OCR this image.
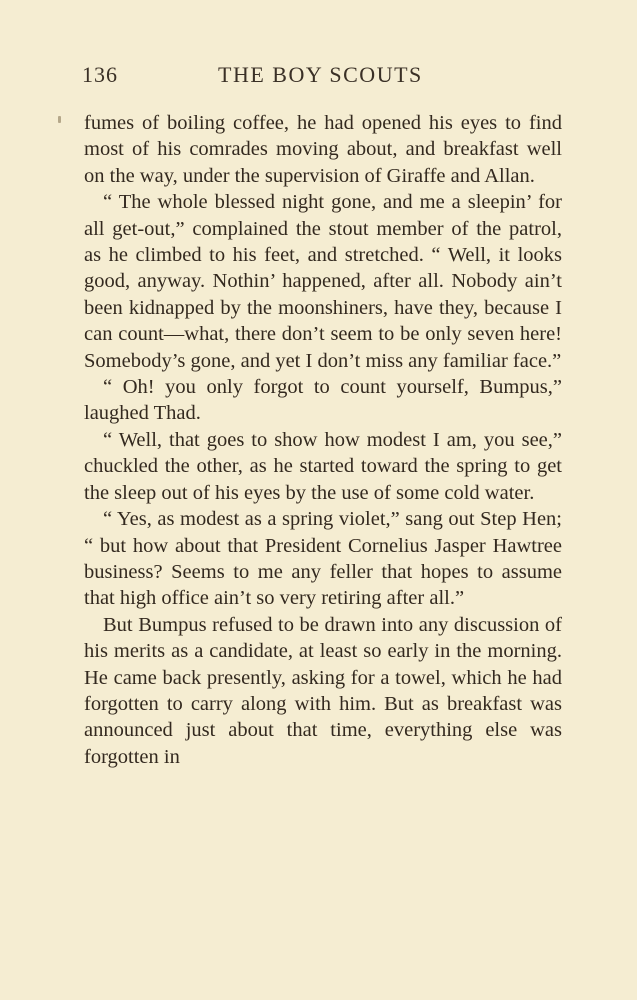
136	THE BOY SCOUTS

fumes of boiling coffee, he had opened his eyes to find most of his comrades moving about, and breakfast well on the way, under the supervision of Giraffe and Allan.

“ The whole blessed night gone, and me a sleepin’ for all get-out,” complained the stout member of the patrol, as he climbed to his feet, and stretched. “ Well, it looks good, anyway. Nothin’ happened, after all. Nobody ain’t been kidnapped by the moonshiners, have they, because I can count—what, there don’t seem to be only seven here! Somebody’s gone, and yet I don’t miss any familiar face.”

“ Oh! you only forgot to count yourself, Bumpus,” laughed Thad.

“ Well, that goes to show how modest I am, you see,” chuckled the other, as he started toward the spring to get the sleep out of his eyes by the use of some cold water.

“ Yes, as modest as a spring violet,” sang out Step Hen; “ but how about that President Cornelius Jasper Hawtree business? Seems to me any feller that hopes to assume that high office ain’t so very retiring after all.”

But Bumpus refused to be drawn into any discussion of his merits as a candidate, at least so early in the morning. He came back presently, asking for a towel, which he had forgotten to carry along with him. But as breakfast was announced just about that time, everything else was forgotten in
